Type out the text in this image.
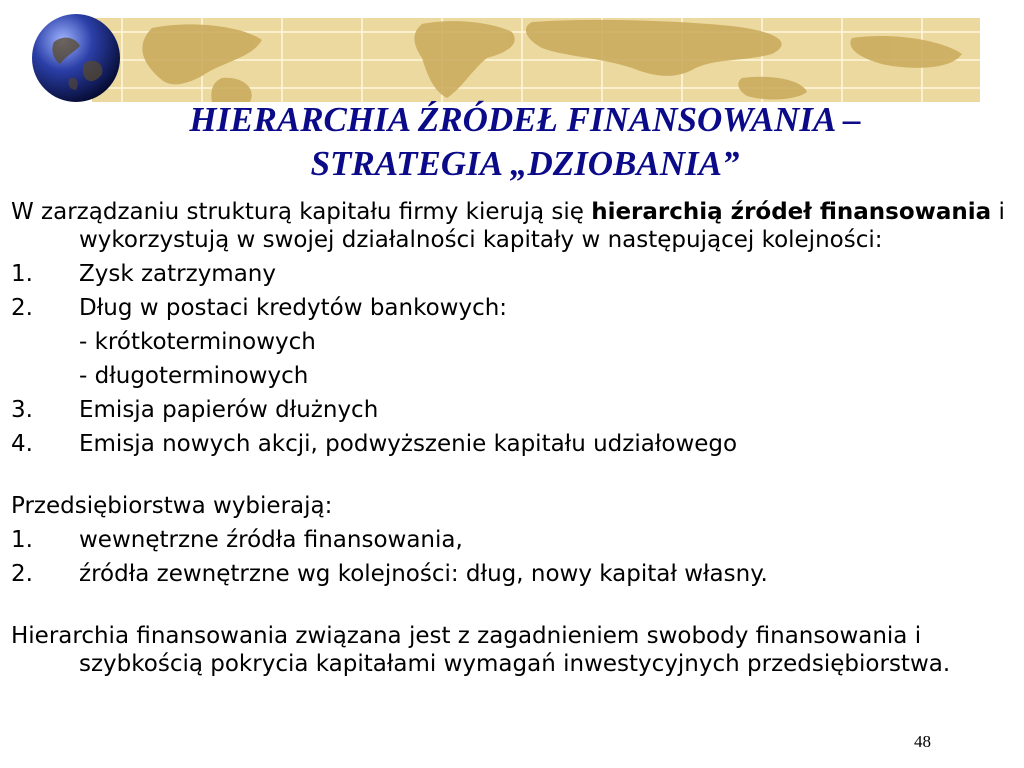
HIERARCHIA ŹRÓDEŁ FINANSOWANIA –
STRATEGIA „DZIOBANIA”

W zarządzaniu strukturą kapitału firmy kierują się hierarchią źródeł finansowania i wykorzystują w swojej działalności kapitały w następującej kolejności:

1.	Zysk zatrzymany
2.	Dług w postaci kredytów bankowych:

- krótkoterminowych

- długoterminowych

3.	Emisja papierów dłużnych
4.	Emisja nowych akcji, podwyższenie kapitału udziałowego

Przedsiębiorstwa wybierają:

1.	wewnętrzne źródła finansowania,
2.	źródła zewnętrzne wg kolejności: dług, nowy kapitał własny.

Hierarchia finansowania związana jest z zagadnieniem swobody finansowania i szybkością pokrycia kapitałami wymagań inwestycyjnych przedsiębiorstwa.

48
